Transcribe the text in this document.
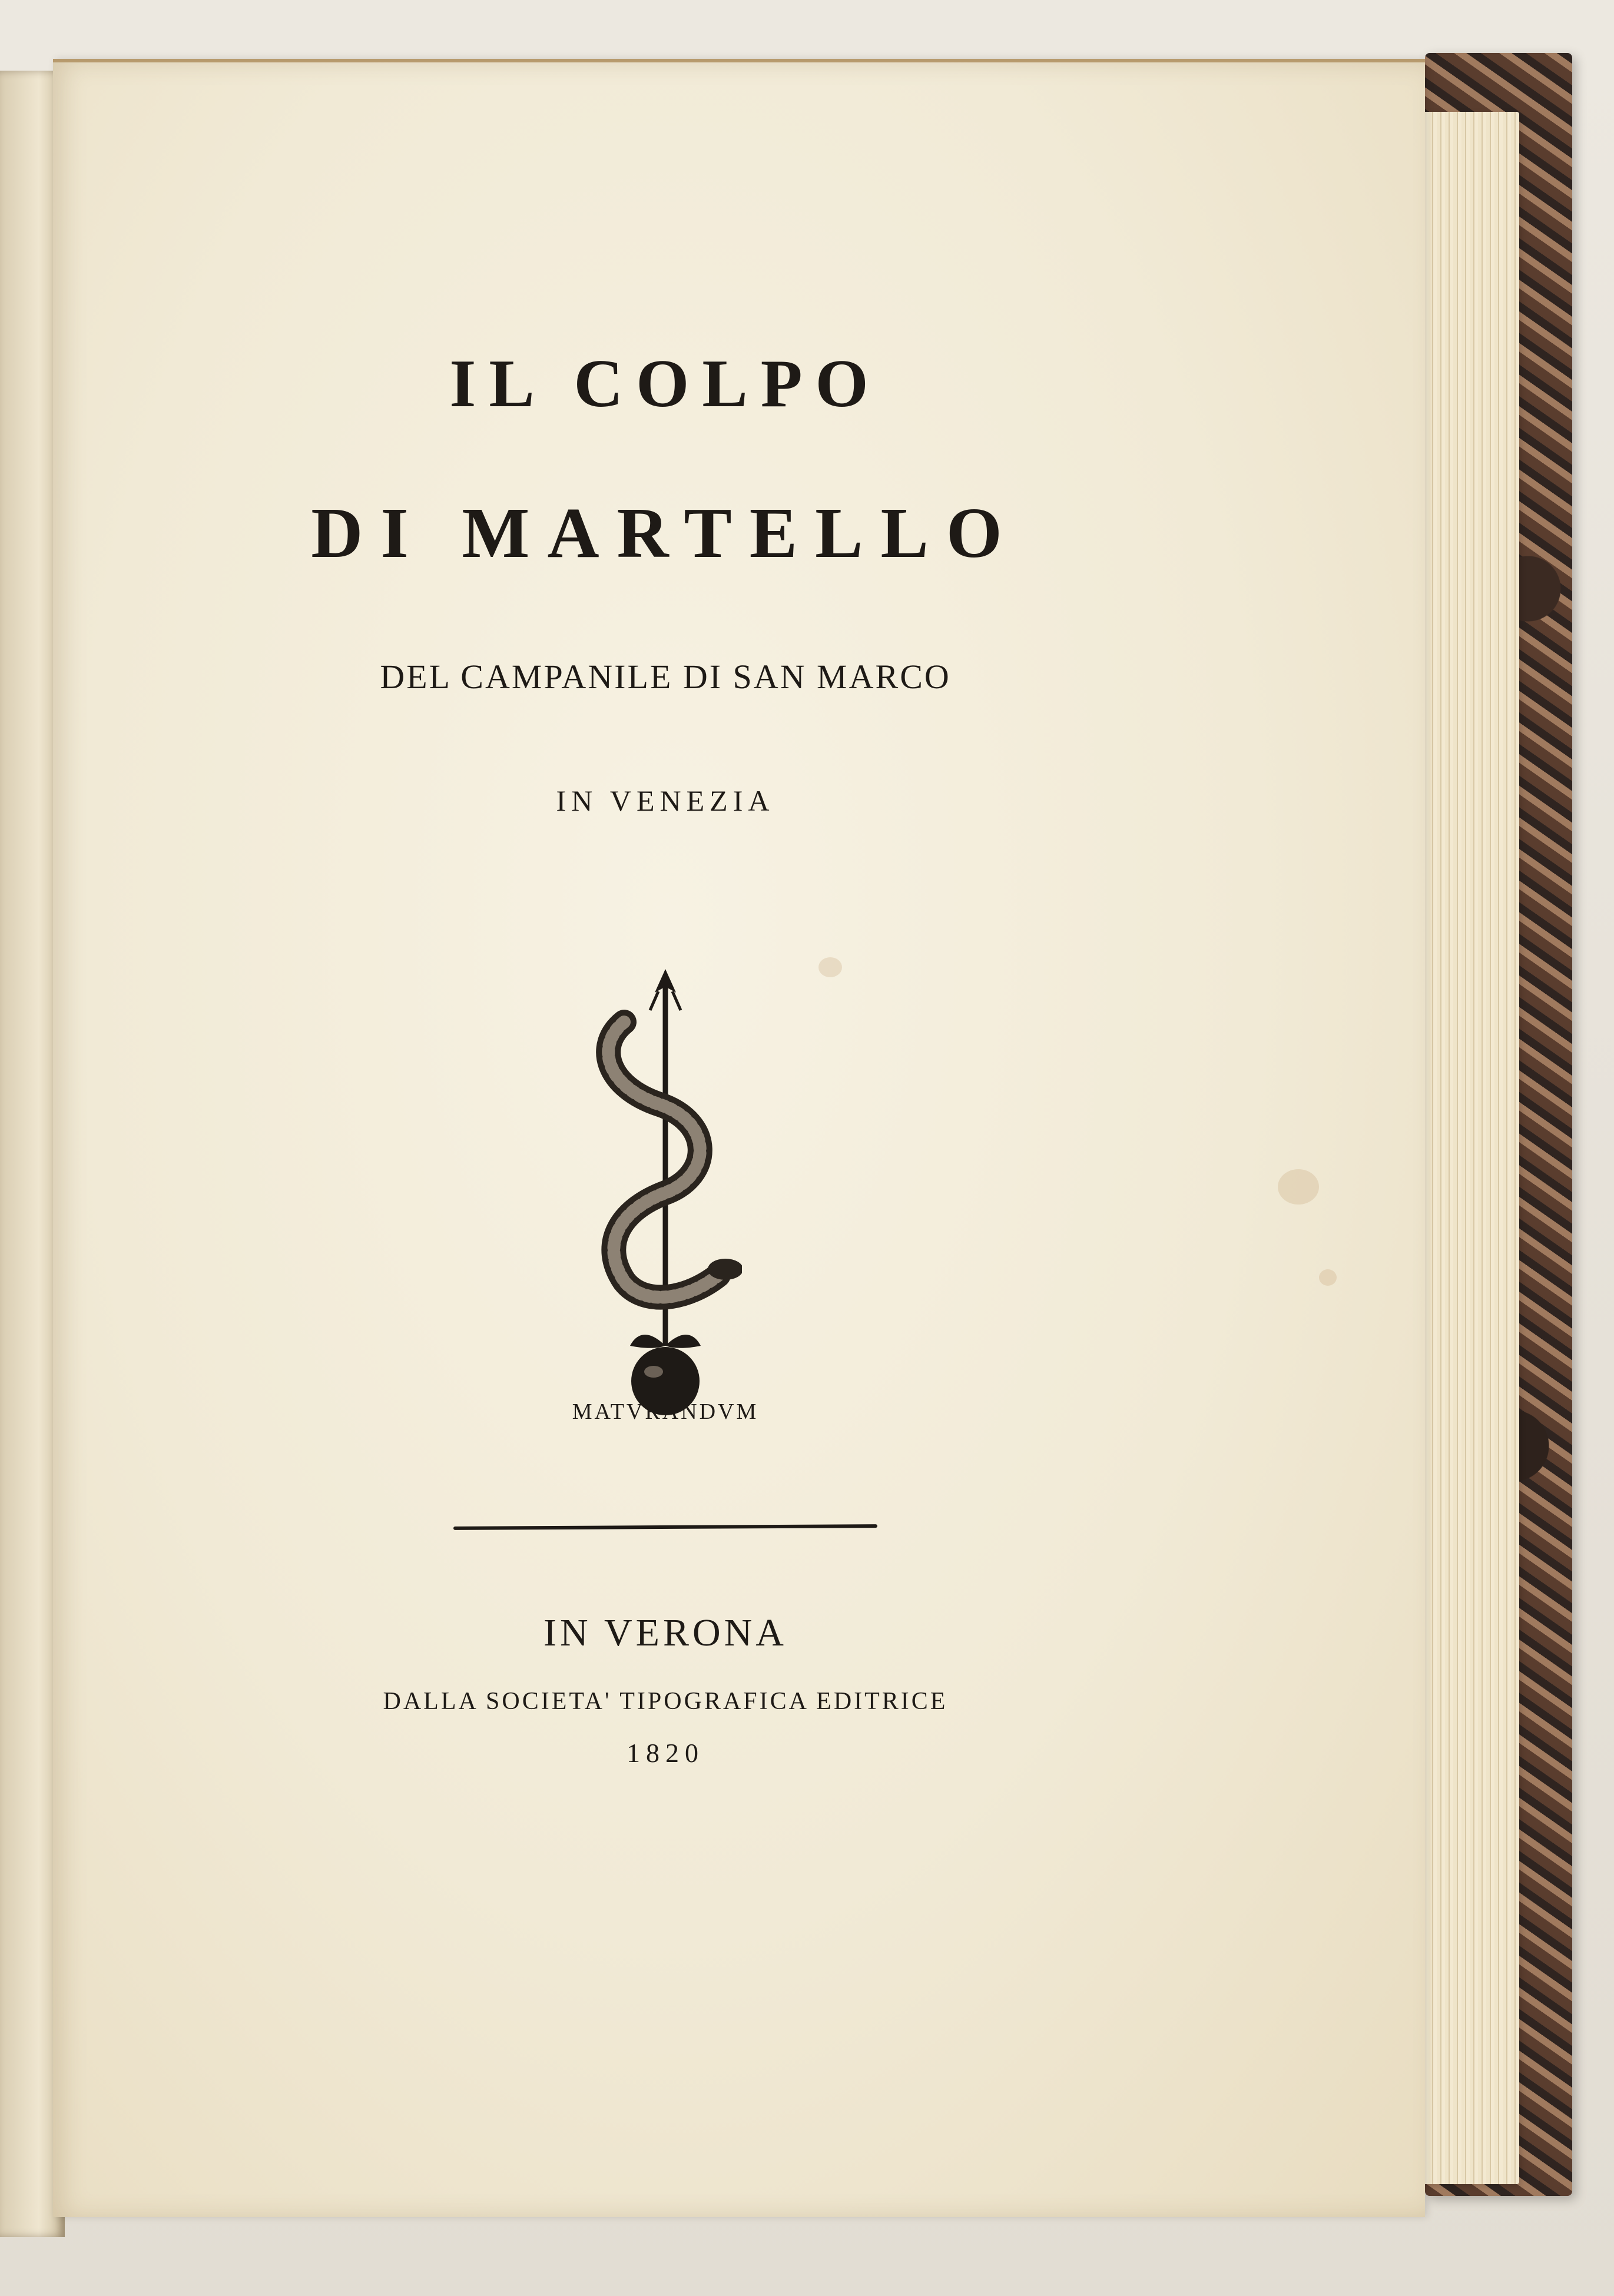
IL COLPO
DI MARTELLO
DEL CAMPANILE DI SAN MARCO
IN VENEZIA
MATVRANDVM
IN VERONA
DALLA SOCIETA' TIPOGRAFICA EDITRICE
1820
